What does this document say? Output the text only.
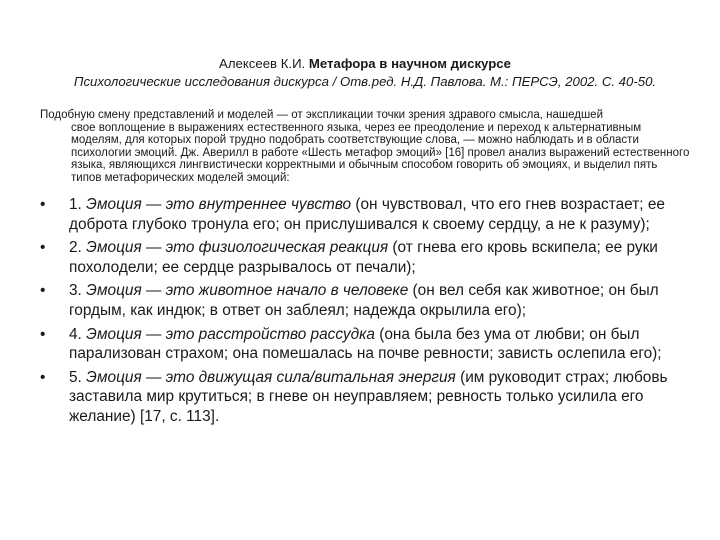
Алексеев К.И. Метафора в научном дискурсе
Психологические исследования дискурса / Отв.ред. Н.Д. Павлова. М.: ПЕРСЭ, 2002. С. 40-50.
Подобную смену представлений и моделей — от экспликации точки зрения здравого смысла, нашедшей
свое воплощение в выражениях естественного языка, через ее преодоление и переход к альтернативным моделям, для которых порой трудно подобрать соответствующие слова, — можно наблюдать и в области психологии эмоций. Дж. Аверилл в работе «Шесть метафор эмоций» [16] провел анализ выражений естественного языка, являющихся лингвистически корректными и обычным способом говорить об эмоциях, и выделил пять типов метафорических моделей эмоций:
• 1. Эмоция — это внутреннее чувство (он чувствовал, что его гнев возрастает; ее доброта глубоко тронула его; он прислушивался к своему сердцу, а не к разуму);
• 2. Эмоция — это физиологическая реакция (от гнева его кровь вскипела; ее руки похолодели; ее сердце разрывалось от печали);
• 3. Эмоция — это животное начало в человеке (он вел себя как животное; он был гордым, как индюк; в ответ он заблеял; надежда окрылила его);
• 4. Эмоция — это расстройство рассудка (она была без ума от любви; он был парализован страхом; она помешалась на почве ревности; зависть ослепила его);
• 5. Эмоция — это движущая сила/витальная энергия (им руководит страх; любовь заставила мир крутиться; в гневе он неуправляем; ревность только усилила его желание) [17, с. 113].
